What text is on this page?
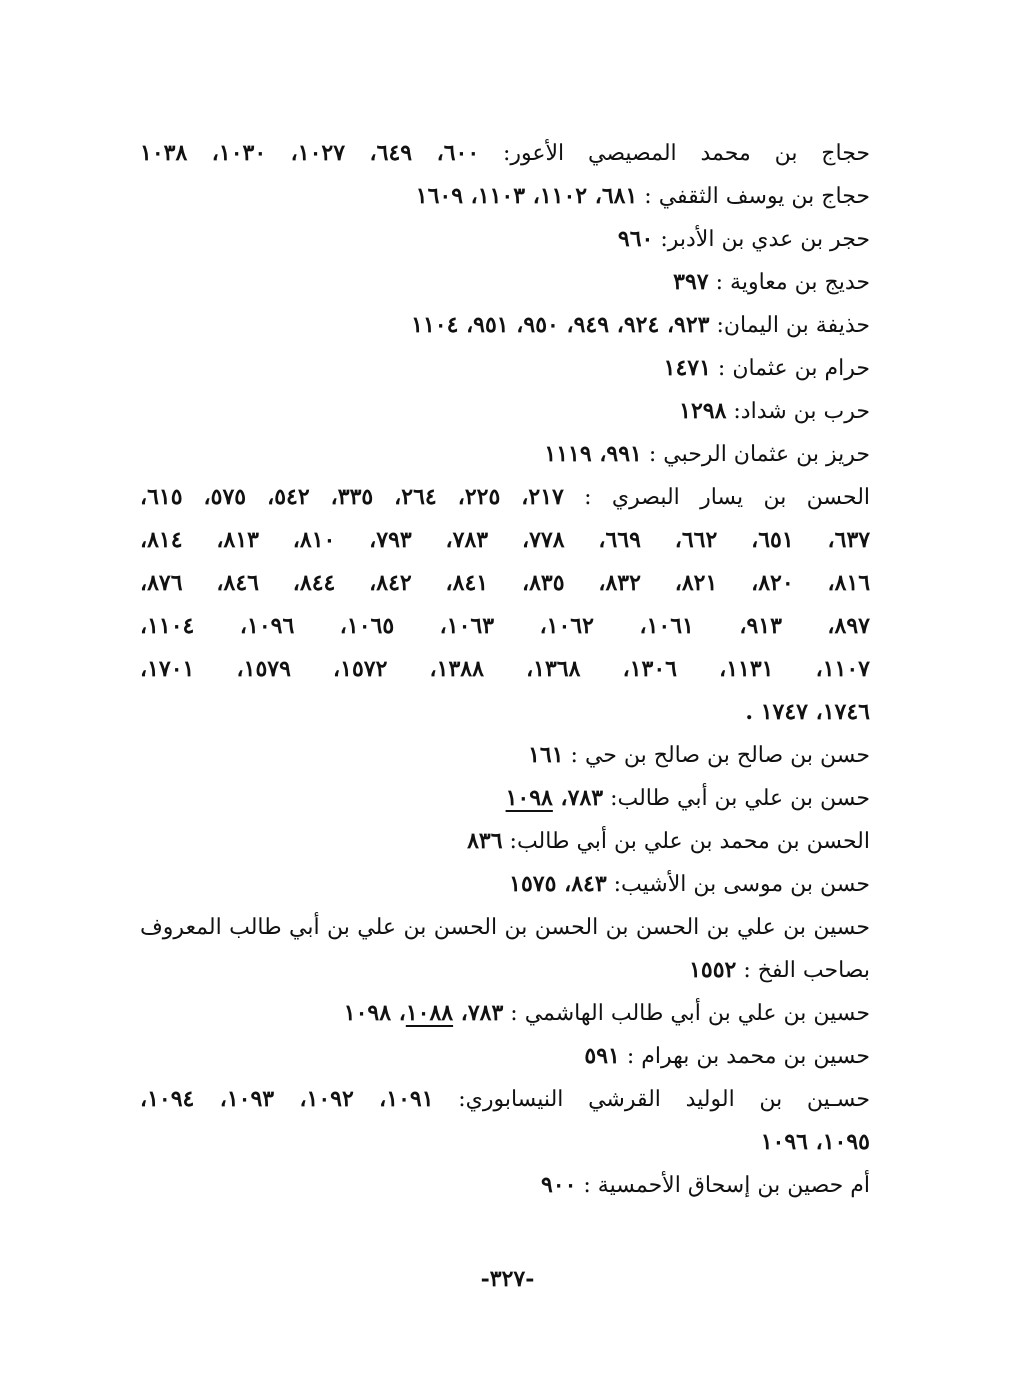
حجاج بن محمد المصيصي الأعور: ٦٠٠، ٦٤٩، ١٠٢٧، ١٠٣٠، ١٠٣٨
حجاج بن يوسف الثقفي : ٦٨١، ١١٠٢، ١١٠٣، ١٦٠٩
حجر بن عدي بن الأدبر: ٩٦٠
حديج بن معاوية : ٣٩٧
حذيفة بن اليمان: ٩٢٣، ٩٢٤، ٩٤٩، ٩٥٠، ٩٥١، ١١٠٤
حرام بن عثمان : ١٤٧١
حرب بن شداد: ١٢٩٨
حريز بن عثمان الرحبي : ٩٩١، ١١١٩
الحسن بن يسار البصري : ٢١٧، ٢٢٥، ٢٦٤، ٣٣٥، ٥٤٢، ٥٧٥، ٦١٥،
٦٣٧، ٦٥١، ٦٦٢، ٦٦٩، ٧٧٨، ٧٨٣، ٧٩٣، ٨١٠، ٨١٣، ٨١٤،
٨١٦، ٨٢٠، ٨٢١، ٨٣٢، ٨٣٥، ٨٤١، ٨٤٢، ٨٤٤، ٨٤٦، ٨٧٦،
٨٩٧، ٩١٣، ١٠٦١، ١٠٦٢، ١٠٦٣، ١٠٦٥، ١٠٩٦، ١١٠٤،
١١٠٧، ١١٣١، ١٣٠٦، ١٣٦٨، ١٣٨٨، ١٥٧٢، ١٥٧٩، ١٧٠١،
١٧٤٦، ١٧٤٧ .
حسن بن صالح بن صالح بن حي : ١٦١
حسن بن علي بن أبي طالب: ٧٨٣، ١٠٩٨
الحسن بن محمد بن علي بن أبي طالب: ٨٣٦
حسن بن موسى بن الأشيب: ٨٤٣، ١٥٧٥
حسين بن علي بن الحسن بن الحسن بن الحسن بن علي بن أبي طالب المعروف
بصاحب الفخ : ١٥٥٢
حسين بن علي بن أبي طالب الهاشمي : ٧٨٣، ١٠٨٨، ١٠٩٨
حسين بن محمد بن بهرام : ٥٩١
حسـين بن الوليد القرشي النيسابوري: ١٠٩١، ١٠٩٢، ١٠٩٣، ١٠٩٤،
١٠٩٥، ١٠٩٦
أم حصين بن إسحاق الأحمسية : ٩٠٠
-٣٢٧-
